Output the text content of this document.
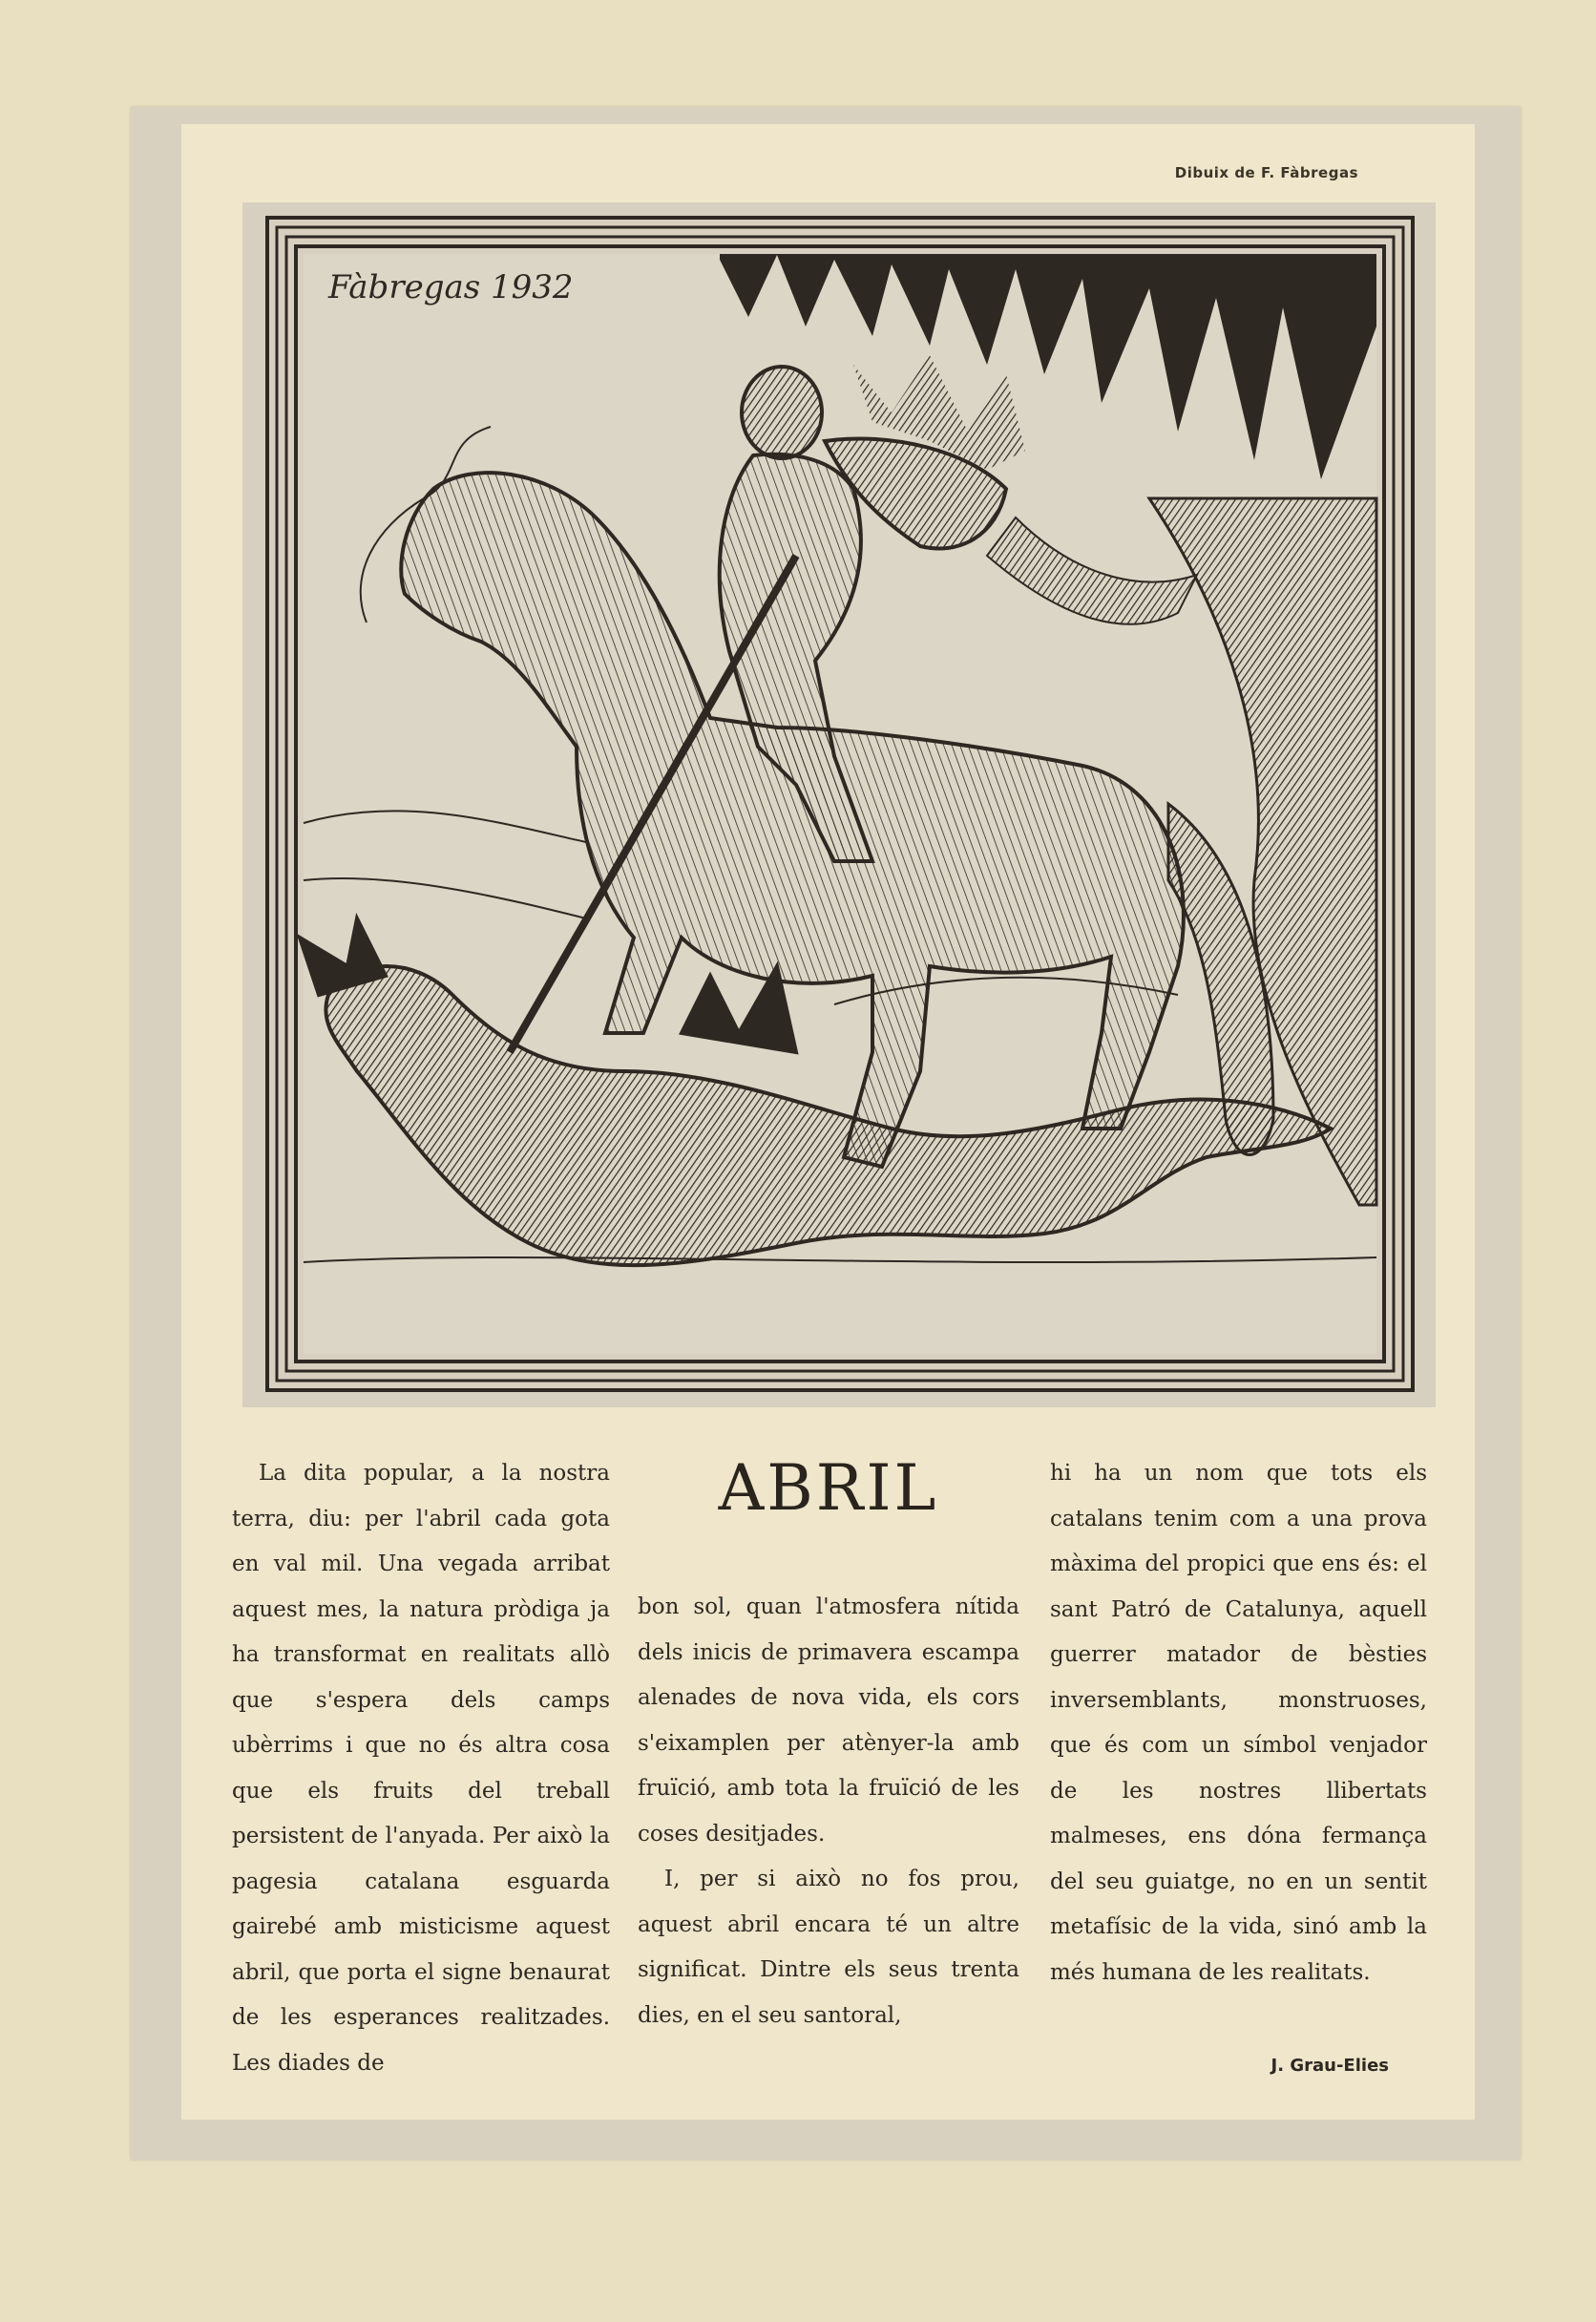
Dibuix de F. Fàbregas
Fàbregas 1932

La dita popular, a la nostra terra, diu: per l'abril cada gota en val mil. Una vegada arribat aquest mes, la natura pròdiga ja ha transformat en realitats allò que s'espera dels camps ubèrrims i que no és altra cosa que els fruits del treball persistent de l'anyada. Per això la pagesia catalana esguarda gairebé amb misticisme aquest abril, que porta el signe benaurat de les esperances realitzades. Les diades de

ABRIL

bon sol, quan l'atmosfera nítida dels inicis de primavera escampa alenades de nova vida, els cors s'eixamplen per atènyer-la amb fruïció, amb tota la fruïció de les coses desitjades.

I, per si això no fos prou, aquest abril encara té un altre significat. Dintre els seus trenta dies, en el seu santoral,

hi ha un nom que tots els catalans tenim com a una prova màxima del propici que ens és: el sant Patró de Catalunya, aquell guerrer matador de bèsties inversemblants, monstruoses, que és com un símbol venjador de les nostres llibertats malmeses, ens dóna fermança del seu guiatge, no en un sentit metafísic de la vida, sinó amb la més humana de les realitats.

J. Grau-Elies
